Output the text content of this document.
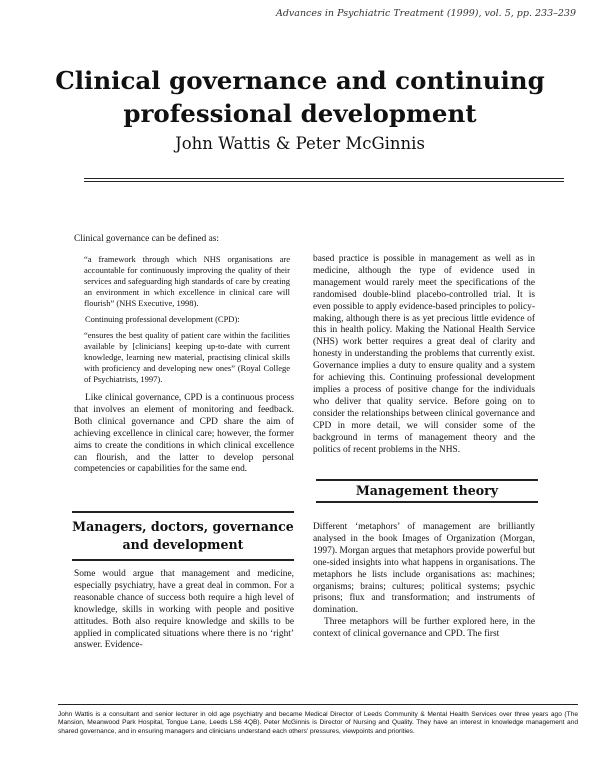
Advances in Psychiatric Treatment (1999), vol. 5, pp. 233–239
Clinical governance and continuing
professional development
John Wattis & Peter McGinnis

Clinical governance can be defined as:

“a framework through which NHS organisations are accountable for continuously improving the quality of their services and safeguarding high standards of care by creating an environment in which excellence in clinical care will flourish” (NHS Executive, 1998).

Continuing professional development (CPD):

“ensures the best quality of patient care within the facilities available by [clinicians] keeping up-to-date with current knowledge, learning new material, practising clinical skills with proficiency and developing new ones” (Royal College of Psychiatrists, 1997).

Like clinical governance, CPD is a continuous process that involves an element of monitoring and feedback. Both clinical governance and CPD share the aim of achieving excellence in clinical care; however, the former aims to create the conditions in which clinical excellence can flourish, and the latter to develop personal competencies or capabilities for the same end.

Managers, doctors, governance
and development

Some would argue that management and medicine, especially psychiatry, have a great deal in common. For a reasonable chance of success both require a high level of knowledge, skills in working with people and positive attitudes. Both also require knowledge and skills to be applied in complicated situations where there is no ‘right’ answer. Evidence-

based practice is possible in management as well as in medicine, although the type of evidence used in management would rarely meet the specifications of the randomised double-blind placebo-controlled trial. It is even possible to apply evidence-based principles to policy-making, although there is as yet precious little evidence of this in health policy. Making the National Health Service (NHS) work better requires a great deal of clarity and honesty in understanding the problems that currently exist. Governance implies a duty to ensure quality and a system for achieving this. Continuing professional development implies a process of positive change for the individuals who deliver that quality service. Before going on to consider the relationships between clinical governance and CPD in more detail, we will consider some of the background in terms of management theory and the politics of recent problems in the NHS.

Management theory

Different ‘metaphors’ of management are brilliantly analysed in the book Images of Organization (Morgan, 1997). Morgan argues that metaphors provide powerful but one-sided insights into what happens in organisations. The metaphors he lists include organisations as: machines; organisms; brains; cultures; political systems; psychic prisons; flux and transformation; and instruments of domination.

Three metaphors will be further explored here, in the context of clinical governance and CPD. The first

John Wattis is a consultant and senior lecturer in old age psychiatry and became Medical Director of Leeds Community & Mental Health Services over three years ago (The Mansion, Meanwood Park Hospital, Tongue Lane, Leeds LS6 4QB). Peter McGinnis is Director of Nursing and Quality. They have an interest in knowledge management and shared governance, and in ensuring managers and clinicians understand each others’ pressures, viewpoints and priorities.
